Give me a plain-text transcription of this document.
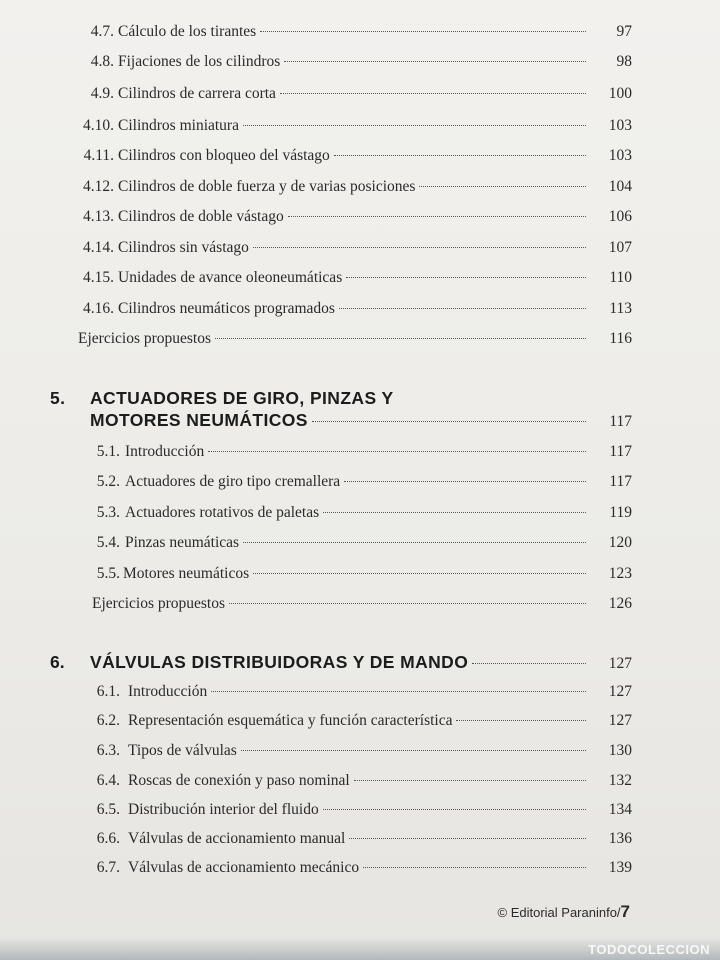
4.7. Cálculo de los tirantes	97
4.8. Fijaciones de los cilindros	98
4.9. Cilindros de carrera corta	100
4.10. Cilindros miniatura	103
4.11. Cilindros con bloqueo del vástago	103
4.12. Cilindros de doble fuerza y de varias posiciones	104
4.13. Cilindros de doble vástago	106
4.14. Cilindros sin vástago	107
4.15. Unidades de avance oleoneumáticas	110
4.16. Cilindros neumáticos programados	113
Ejercicios propuestos	116
5. ACTUADORES DE GIRO, PINZAS Y
MOTORES NEUMÁTICOS	117
5.1. Introducción	117
5.2. Actuadores de giro tipo cremallera	117
5.3. Actuadores rotativos de paletas	119
5.4. Pinzas neumáticas	120
5.5. Motores neumáticos	123
Ejercicios propuestos	126
6.	VÁLVULAS DISTRIBUIDORAS Y DE MANDO	127
6.1. Introducción	127
6.2. Representación esquemática y función característica	127
6.3. Tipos de válvulas	130
6.4. Roscas de conexión y paso nominal	132
6.5. Distribución interior del fluido	134
6.6. Válvulas de accionamiento manual	136
6.7. Válvulas de accionamiento mecánico	139
© Editorial Paraninfo/7
TODOCOLECCION
